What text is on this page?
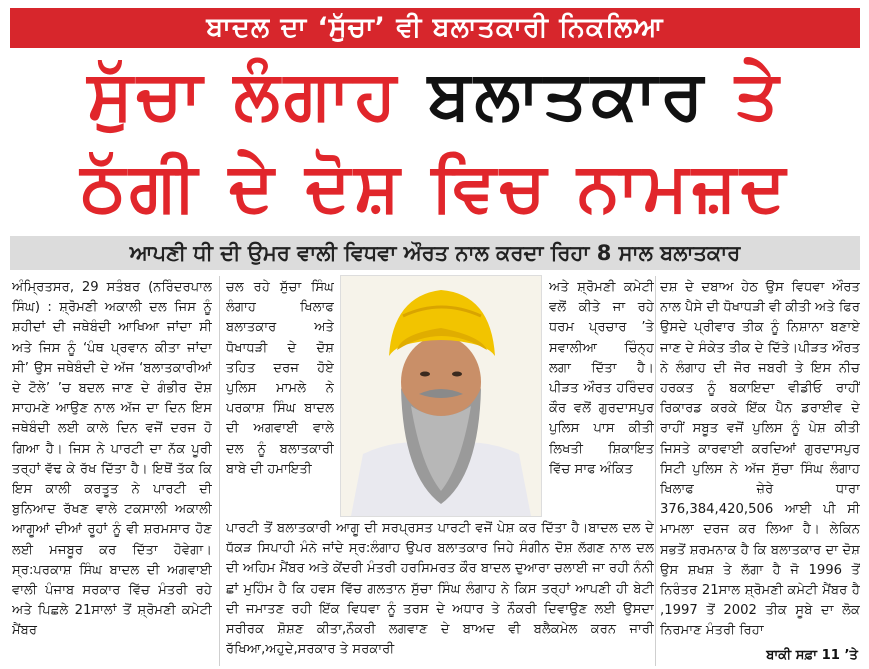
ਬਾਦਲ ਦਾ ‘ਸੁੱਚਾ’ ਵੀ ਬਲਾਤਕਾਰੀ ਨਿਕਲਿਆ
ਸੁੱਚਾ ਲੰਗਾਹ ਬਲਾਤਕਾਰ ਤੇ
ਠੱਗੀ ਦੇ ਦੋਸ਼ ਵਿਚ ਨਾਮਜ਼ਦ
ਆਪਣੀ ਧੀ ਦੀ ਉਮਰ ਵਾਲੀ ਵਿਧਵਾ ਔਰਤ ਨਾਲ ਕਰਦਾ ਰਿਹਾ 8 ਸਾਲ ਬਲਾਤਕਾਰ

ਅੰਮ੍ਰਿਤਸਰ, 29 ਸਤੰਬਰ (ਨਰਿੰਦਰਪਾਲ ਸਿੰਘ) : ਸ਼੍ਰੋਮਣੀ ਅਕਾਲੀ ਦਲ ਜਿਸ ਨੂੰ ਸ਼ਹੀਦਾਂ ਦੀ ਜਥੇਬੰਦੀ ਆਖਿਆ ਜਾਂਦਾ ਸੀ ਅਤੇ ਜਿਸ ਨੂੰ ‘ਪੰਥ ਪ੍ਰਵਾਨ ਕੀਤਾ ਜਾਂਦਾ ਸੀ’ ਉਸ ਜਥੇਬੰਦੀ ਦੇ ਅੱਜ ‘ਬਲਾਤਕਾਰੀਆਂ ਦੇ ਟੋਲੇ’ ’ਚ ਬਦਲ ਜਾਣ ਦੇ ਗੰਭੀਰ ਦੋਸ਼ ਸਾਹਮਣੇ ਆਉਣ ਨਾਲ ਅੱਜ ਦਾ ਦਿਨ ਇਸ ਜਥੇਬੰਦੀ ਲਈ ਕਾਲੇ ਦਿਨ ਵਜੋਂ ਦਰਜ ਹੋ ਗਿਆ ਹੈ। ਜਿਸ ਨੇ ਪਾਰਟੀ ਦਾ ਨੱਕ ਪੂਰੀ ਤਰ੍ਹਾਂ ਵੱਢ ਕੇ ਰੱਖ ਦਿੱਤਾ ਹੈ। ਇਥੋਂ ਤੱਕ ਕਿ ਇਸ ਕਾਲੀ ਕਰਤੂਤ ਨੇ ਪਾਰਟੀ ਦੀ ਬੁਨਿਆਦ ਰੱਖਣ ਵਾਲੇ ਟਕਸਾਲੀ ਅਕਾਲੀ ਆਗੂਆਂ ਦੀਆਂ ਰੂਹਾਂ ਨੂੰ ਵੀ ਸ਼ਰਮਸਾਰ ਹੋਣ ਲਈ ਮਜਬੂਰ ਕਰ ਦਿੱਤਾ ਹੋਵੇਗਾ। ਸ੍ਰ:ਪਰਕਾਸ਼ ਸਿੰਘ ਬਾਦਲ ਦੀ ਅਗਵਾਈ ਵਾਲੀ ਪੰਜਾਬ ਸਰਕਾਰ ਵਿੱਚ ਮੰਤਰੀ ਰਹੇ ਅਤੇ ਪਿਛਲੇ 21ਸਾਲਾਂ ਤੋਂ ਸ਼੍ਰੋਮਣੀ ਕਮੇਟੀ ਮੈਂਬਰ

ਚਲ ਰਹੇ ਸੁੱਚਾ ਸਿੰਘ ਲੰਗਾਹ ਖਿਲਾਫ ਬਲਾਤਕਾਰ ਅਤੇ ਧੋਖਾਧੜੀ ਦੇ ਦੋਸ਼ ਤਹਿਤ ਦਰਜ ਹੋਏ ਪੁਲਿਸ ਮਾਮਲੇ ਨੇ ਪਰਕਾਸ਼ ਸਿੰਘ ਬਾਦਲ ਦੀ ਅਗਵਾਈ ਵਾਲੇ ਦਲ ਨੂੰ ਬਲਾਤਕਾਰੀ ਬਾਬੇ ਦੀ ਹਮਾਇਤੀ

ਅਤੇ ਸ਼੍ਰੋਮਣੀ ਕਮੇਟੀ ਵਲੋਂ ਕੀਤੇ ਜਾ ਰਹੇ ਧਰਮ ਪ੍ਰਚਾਰ ’ਤੇ ਸਵਾਲੀਆ ਚਿੰਨ੍ਹ ਲਗਾ ਦਿੱਤਾ ਹੈ। ਪੀੜਤ ਔਰਤ ਹਰਿੰਦਰ ਕੌਰ ਵਲੋਂ ਗੁਰਦਾਸਪੁਰ ਪੁਲਿਸ ਪਾਸ ਕੀਤੀ ਲਿਖਤੀ ਸ਼ਿਕਾਇਤ ਵਿੱਚ ਸਾਫ ਅੰਕਿਤ

ਪਾਰਟੀ ਤੋਂ ਬਲਾਤਕਾਰੀ ਆਗੂ ਦੀ ਸਰਪ੍ਰਸਤ ਪਾਰਟੀ ਵਜੋਂ ਪੇਸ਼ ਕਰ ਦਿੱਤਾ ਹੈ।ਬਾਦਲ ਦਲ ਦੇ ਧੱਕੜ ਸਿਪਾਹੀ ਮੰਨੇ ਜਾਂਦੇ ਸ੍ਰ:ਲੰਗਾਹ ਉਪਰ ਬਲਾਤਕਾਰ ਜਿਹੇ ਸੰਗੀਨ ਦੋਸ਼ ਲੱਗਣ ਨਾਲ ਦਲ ਦੀ ਅਹਿਮ ਮੈਂਬਰ ਅਤੇ ਕੇਂਦਰੀ ਮੰਤਰੀ ਹਰਸਿਮਰਤ ਕੌਰ ਬਾਦਲ ਦੁਆਰਾ ਚਲਾਈ ਜਾ ਰਹੀ ਨੰਨੀ ਛਾਂ ਮੁਹਿੰਮ ਹੈ ਕਿ ਹਵਸ ਵਿੱਚ ਗਲਤਾਨ ਸੁੱਚਾ ਸਿੰਘ ਲੰਗਾਹ ਨੇ ਕਿਸ ਤਰ੍ਹਾਂ ਆਪਣੀ ਹੀ ਬੇਟੀ ਦੀ ਜਮਾਤਣ ਰਹੀ ਇੱਕ ਵਿਧਵਾ ਨੂੰ ਤਰਸ ਦੇ ਅਧਾਰ ਤੇ ਨੌਕਰੀ ਦਿਵਾਉਣ ਲਈ ਉਸਦਾ ਸਰੀਰਕ ਸ਼ੋਸ਼ਣ ਕੀਤਾ,ਨੌਕਰੀ ਲਗਵਾਣ ਦੇ ਬਾਅਦ ਵੀ ਬਲੈਕਮੇਲ ਕਰਨ ਜਾਰੀ ਰੱਖਿਆ,ਅਹੁਦੇ,ਸਰਕਾਰ ਤੇ ਸਰਕਾਰੀ

ਦਸ਼ ਦੇ ਦਬਾਅ ਹੇਠ ਉਸ ਵਿਧਵਾ ਔਰਤ ਨਾਲ ਪੈਸੇ ਦੀ ਧੋਖਾਧੜੀ ਵੀ ਕੀਤੀ ਅਤੇ ਫਿਰ ਉਸਦੇ ਪ੍ਰੀਵਾਰ ਤੀਕ ਨੂੰ ਨਿਸ਼ਾਨਾ ਬਣਾਏ ਜਾਣ ਦੇ ਸੰਕੇਤ ਤੀਕ ਦੇ ਦਿੱਤੇ।ਪੀੜਤ ਔਰਤ ਨੇ ਲੰਗਾਹ ਦੀ ਜੋਰ ਜਬਰੀ ਤੇ ਇਸ ਨੀਚ ਹਰਕਤ ਨੂੰ ਬਕਾਇਦਾ ਵੀਡੀਓ ਰਾਹੀਂ ਰਿਕਾਰਡ ਕਰਕੇ ਇੱਕ ਪੈਨ ਡਰਾਈਵ ਦੇ ਰਾਹੀਂ ਸਬੂਤ ਵਜੋਂ ਪੁਲਿਸ ਨੂੰ ਪੇਸ਼ ਕੀਤੀ ਜਿਸਤੇ ਕਾਰਵਾਈ ਕਰਦਿਆਂ ਗੁਰਦਾਸਪੁਰ ਸਿਟੀ ਪੁਲਿਸ ਨੇ ਅੱਜ ਸੁੱਚਾ ਸਿੰਘ ਲੰਗਾਹ ਖਿਲਾਫ ਜ਼ੇਰੇ ਧਾਰਾ 376,384,420,506 ਆਈ ਪੀ ਸੀ ਮਾਮਲਾ ਦਰਜ ਕਰ ਲਿਆ ਹੈ। ਲੇਕਿਨ ਸਭਤੋਂ ਸ਼ਰਮਨਾਕ ਹੈ ਕਿ ਬਲਾਤਕਾਰ ਦਾ ਦੋਸ਼ ਉਸ ਸ਼ਖਸ਼ ਤੇ ਲੱਗਾ ਹੈ ਜੋ 1996 ਤੋਂ ਨਿਰੰਤਰ 21ਸਾਲ ਸ਼੍ਰੋਮਣੀ ਕਮੇਟੀ ਮੈਂਬਰ ਹੈ ,1997 ਤੋਂ 2002 ਤੀਕ ਸੂਬੇ ਦਾ ਲੋਕ ਨਿਰਮਾਣ ਮੰਤਰੀ ਰਿਹਾ

ਬਾਕੀ ਸਫ਼ਾ 11 ’ਤੇ
